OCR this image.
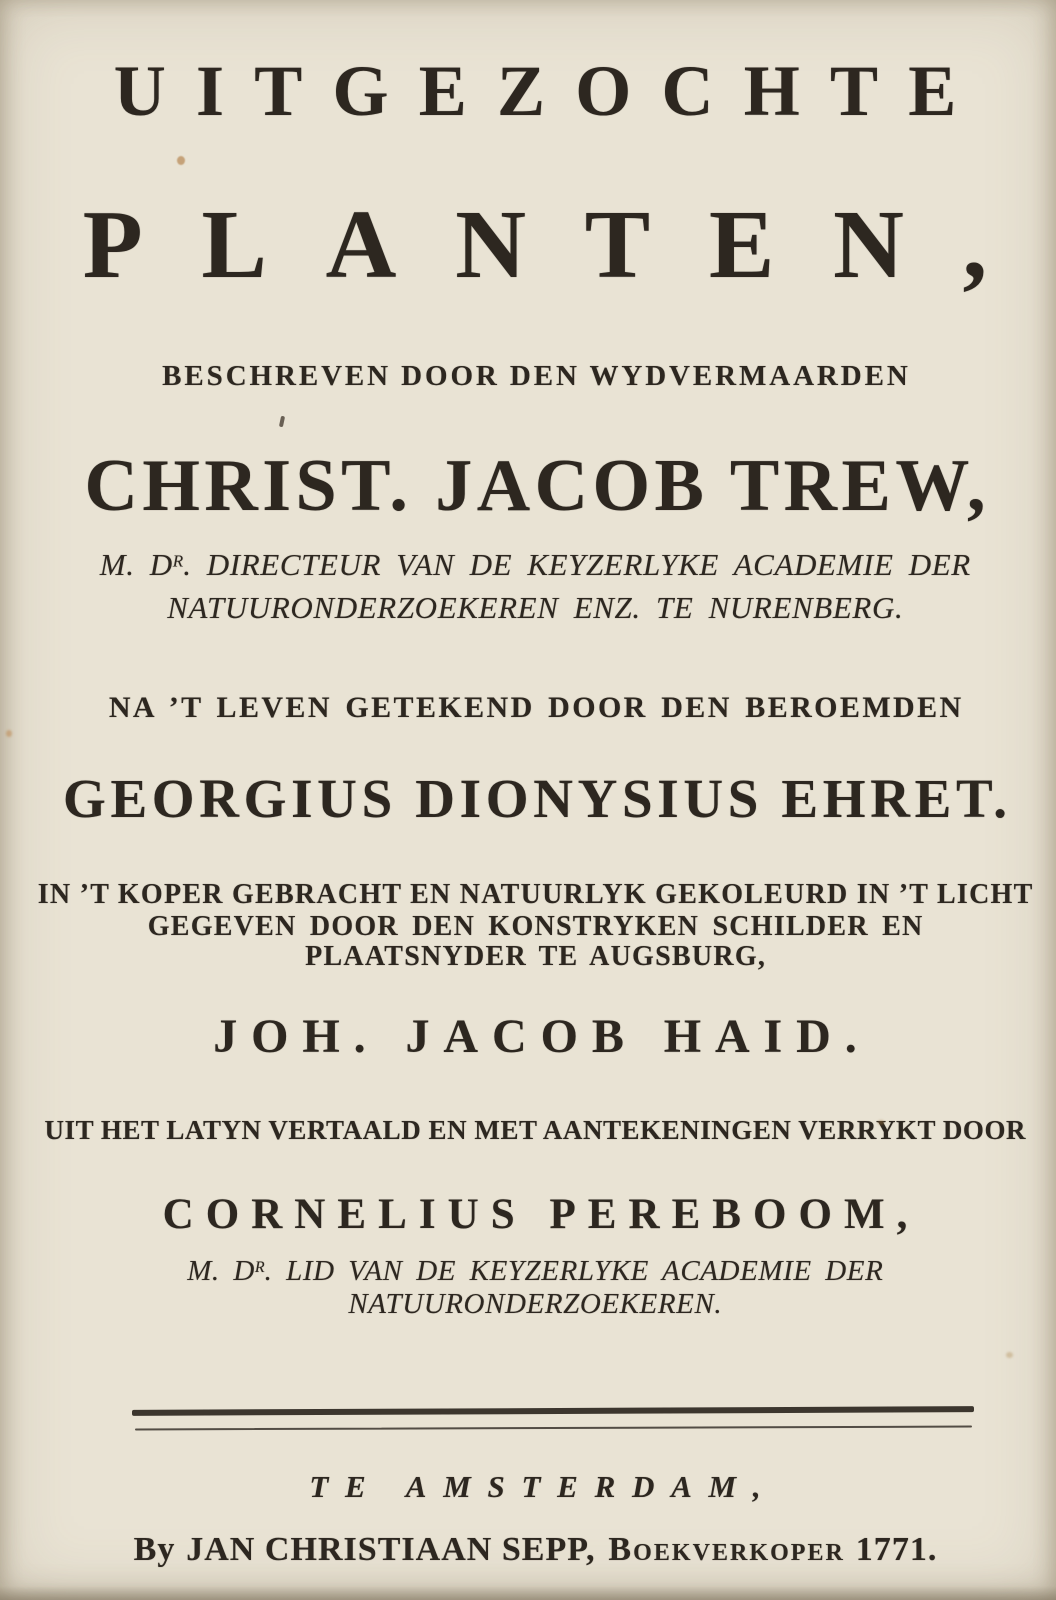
UITGEZOCHTE
PLANTEN,
BESCHREVEN DOOR DEN WYDVERMAARDEN
CHRIST. JACOB TREW,
M. $D^R$. DIRECTEUR VAN DE KEYZERLYKE ACADEMIE DER
NATUURONDERZOEKEREN ENZ. TE NURENBERG.
NA ’T LEVEN GETEKEND DOOR DEN BEROEMDEN
GEORGIUS DIONYSIUS EHRET.
IN ’T KOPER GEBRACHT EN NATUURLYK GEKOLEURD IN ’T LICHT
GEGEVEN DOOR DEN KONSTRYKEN SCHILDER EN
PLAATSNYDER TE AUGSBURG,
JOH. JACOB HAID.
UIT HET LATYN VERTAALD EN MET AANTEKENINGEN VERRYKT DOOR
CORNELIUS PEREBOOM,
M. $D^R$. LID VAN DE KEYZERLYKE ACADEMIE DER
NATUURONDERZOEKEREN.
TE AMSTERDAM,
By JAN CHRISTIAAN SEPP, Boekverkoper 1771.
